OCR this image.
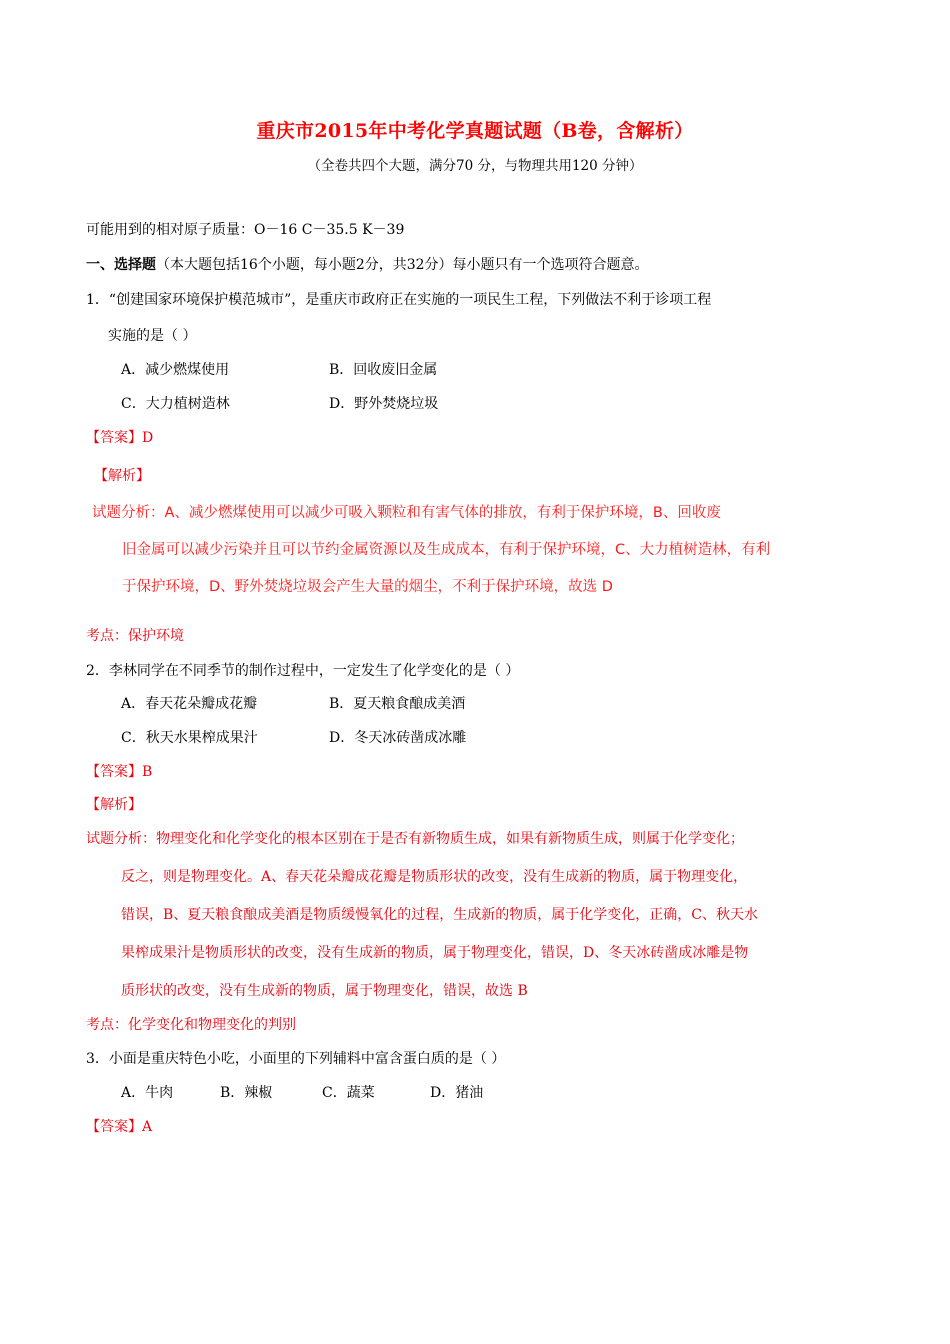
重庆市2015年中考化学真题试题（B卷，含解析）
（全卷共四个大题，满分70 分，与物理共用120 分钟）
可能用到的相对原子质量：O－16 C－35.5 K－39
一、选择题（本大题包括16个小题，每小题2分，共32分）每小题只有一个选项符合题意。
1．“创建国家环境保护模范城市”，是重庆市政府正在实施的一项民生工程，下列做法不利于诊项工程
实施的是（ ）
A．减少燃煤使用	B．回收废旧金属
C．大力植树造林	D．野外焚烧垃圾
【答案】D
【解析】
试题分析：A、减少燃煤使用可以减少可吸入颗粒和有害气体的排放，有利于保护环境，B、回收废
旧金属可以减少污染并且可以节约金属资源以及生成成本，有利于保护环境，C、大力植树造林，有利
于保护环境，D、野外焚烧垃圾会产生大量的烟尘，不利于保护环境，故选 D
考点：保护环境
2．李林同学在不同季节的制作过程中，一定发生了化学变化的是（ ）
A．春天花朵瓣成花瓣	B．夏天粮食酿成美酒
C．秋天水果榨成果汁	D．冬天冰砖凿成冰雕
【答案】B
【解析】
试题分析：物理变化和化学变化的根本区别在于是否有新物质生成，如果有新物质生成，则属于化学变化；
反之，则是物理变化。A、春天花朵瓣成花瓣是物质形状的改变，没有生成新的物质，属于物理变化，
错误，B、夏天粮食酿成美酒是物质缓慢氧化的过程，生成新的物质，属于化学变化，正确，C、秋天水
果榨成果汁是物质形状的改变，没有生成新的物质，属于物理变化，错误，D、冬天冰砖凿成冰雕是物
质形状的改变，没有生成新的物质，属于物理变化，错误，故选 B
考点：化学变化和物理变化的判别
3．小面是重庆特色小吃，小面里的下列辅料中富含蛋白质的是（ ）
A．牛肉	B．辣椒	C．蔬菜	D．猪油
【答案】A
